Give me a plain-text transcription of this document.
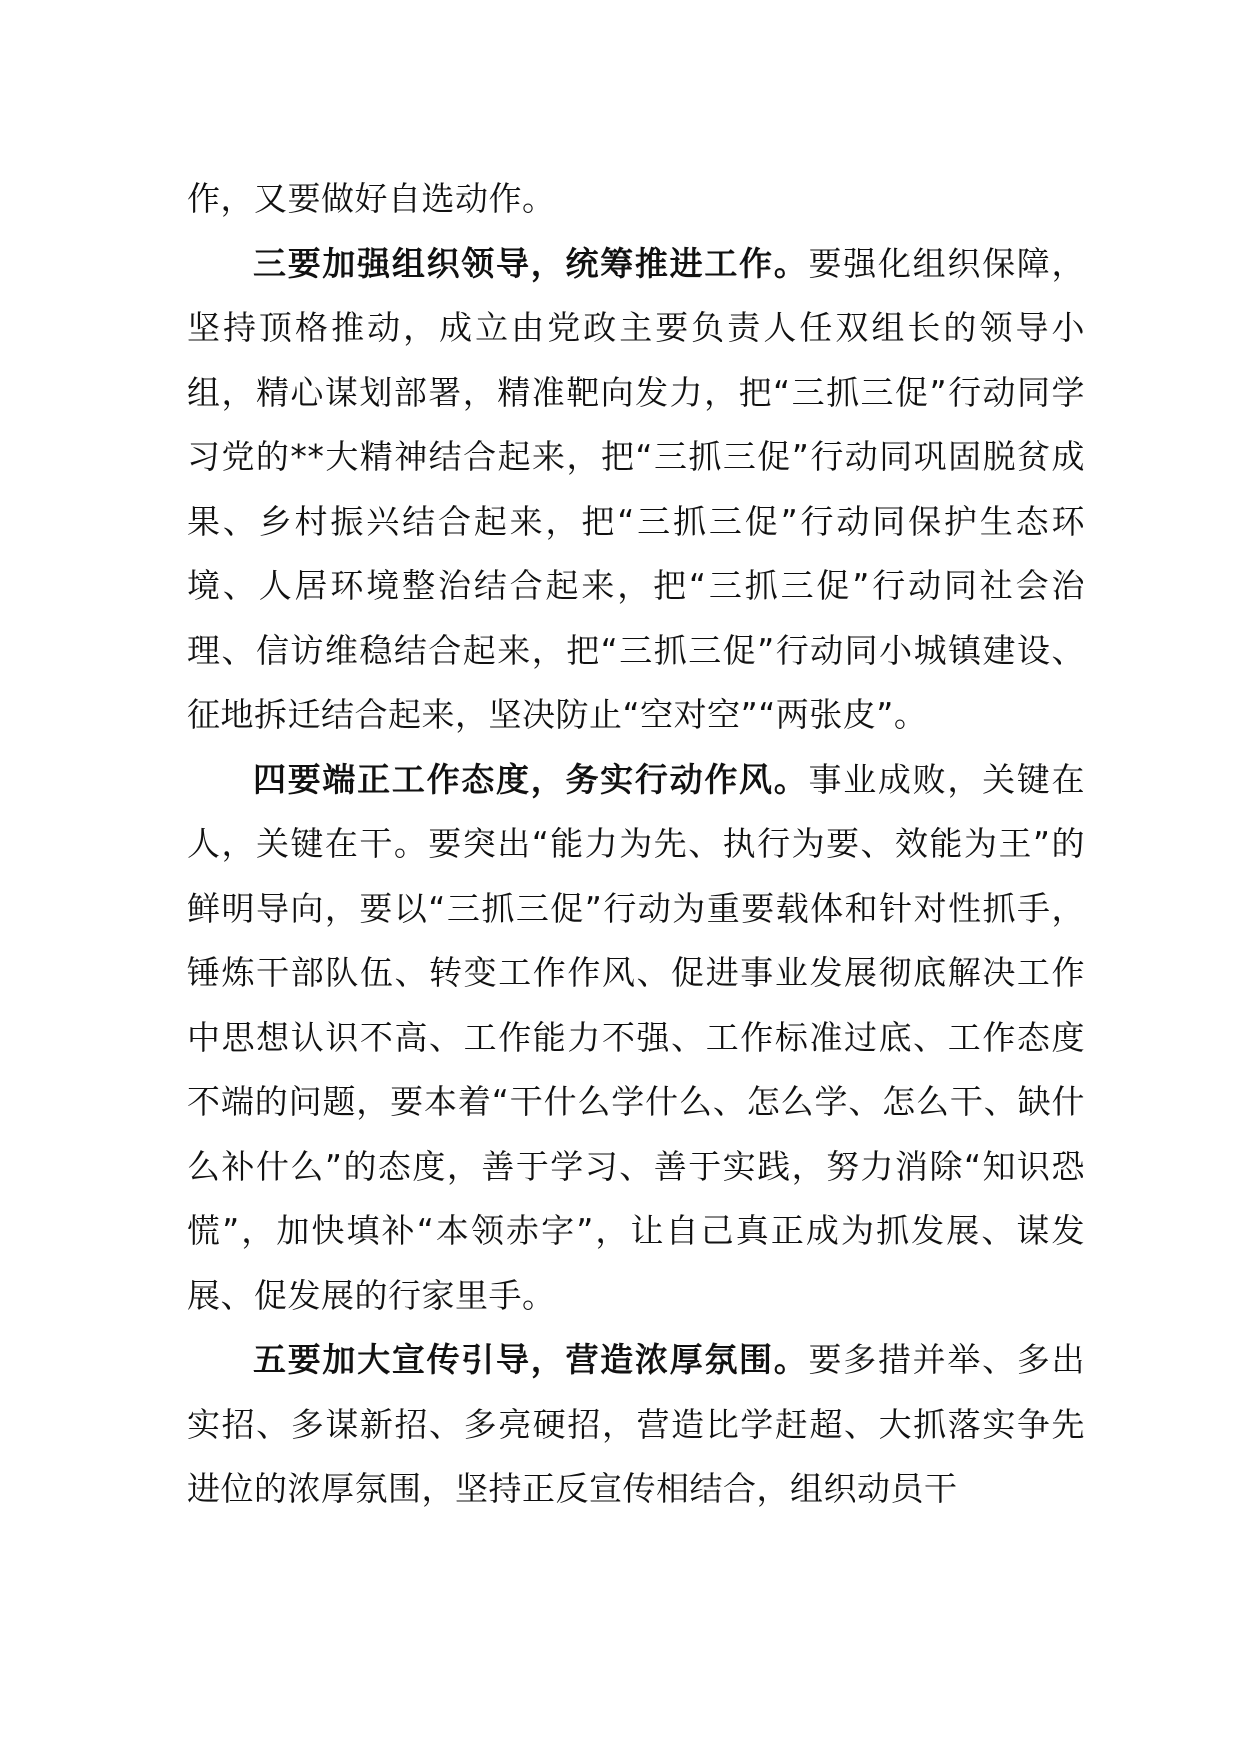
作，又要做好自选动作。

三要加强组织领导，统筹推进工作。要强化组织保障，坚持顶格推动，成立由党政主要负责人任双组长的领导小组，精心谋划部署，精准靶向发力，把“三抓三促”行动同学习党的**大精神结合起来，把“三抓三促”行动同巩固脱贫成果、乡村振兴结合起来，把“三抓三促”行动同保护生态环境、人居环境整治结合起来，把“三抓三促”行动同社会治理、信访维稳结合起来，把“三抓三促”行动同小城镇建设、征地拆迁结合起来，坚决防止“空对空”“两张皮”。

四要端正工作态度，务实行动作风。事业成败，关键在人，关键在干。要突出“能力为先、执行为要、效能为王”的鲜明导向，要以“三抓三促”行动为重要载体和针对性抓手，锤炼干部队伍、转变工作作风、促进事业发展彻底解决工作中思想认识不高、工作能力不强、工作标准过底、工作态度不端的问题，要本着“干什么学什么、怎么学、怎么干、缺什么补什么”的态度，善于学习、善于实践，努力消除“知识恐慌”，加快填补“本领赤字”，让自己真正成为抓发展、谋发展、促发展的行家里手。

五要加大宣传引导，营造浓厚氛围。要多措并举、多出实招、多谋新招、多亮硬招，营造比学赶超、大抓落实争先进位的浓厚氛围，坚持正反宣传相结合，组织动员干
